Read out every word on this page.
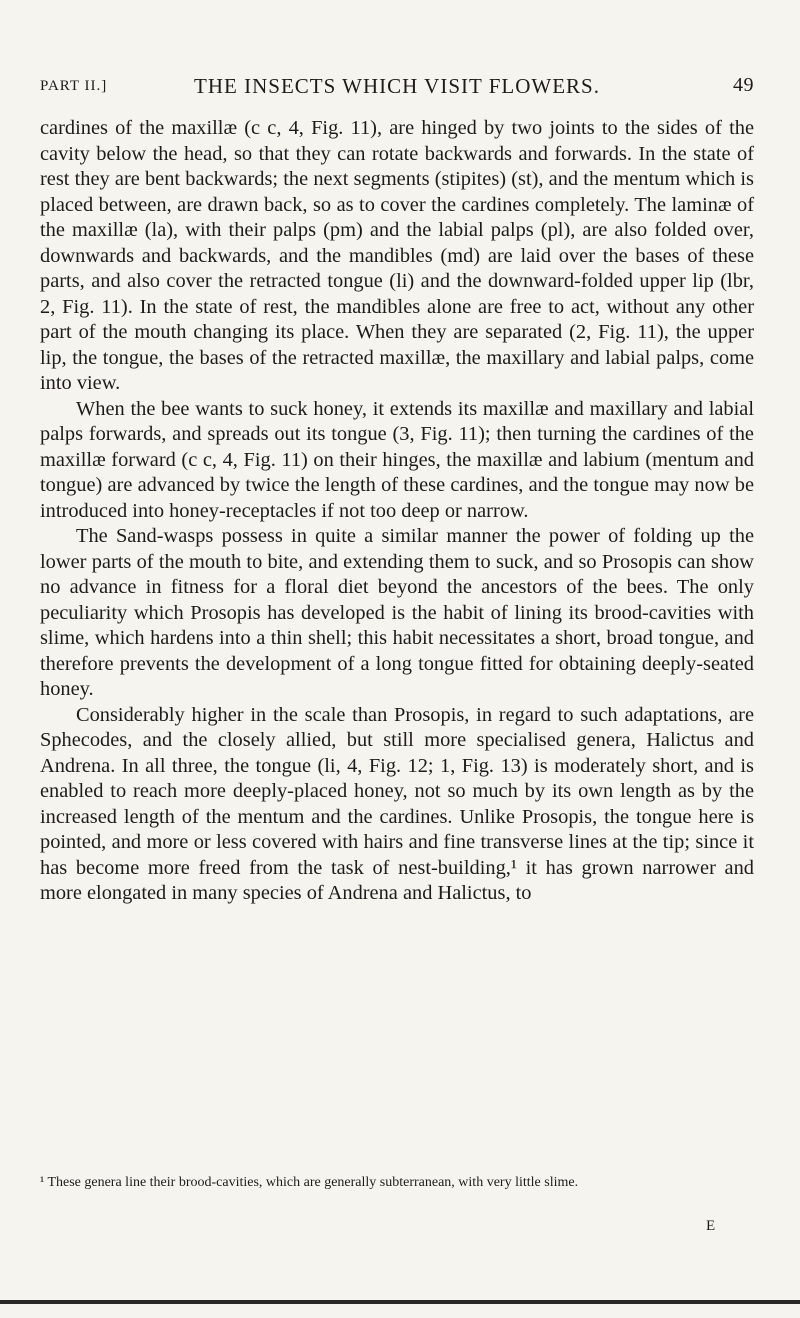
PART II.]	THE INSECTS WHICH VISIT FLOWERS.	49

cardines of the maxillæ (c c, 4, Fig. 11), are hinged by two joints to the sides of the cavity below the head, so that they can rotate backwards and forwards. In the state of rest they are bent backwards; the next segments (stipites) (st), and the mentum which is placed between, are drawn back, so as to cover the cardines completely. The laminæ of the maxillæ (la), with their palps (pm) and the labial palps (pl), are also folded over, downwards and backwards, and the mandibles (md) are laid over the bases of these parts, and also cover the retracted tongue (li) and the downward-folded upper lip (lbr, 2, Fig. 11). In the state of rest, the mandibles alone are free to act, without any other part of the mouth changing its place. When they are separated (2, Fig. 11), the upper lip, the tongue, the bases of the retracted maxillæ, the maxillary and labial palps, come into view.

When the bee wants to suck honey, it extends its maxillæ and maxillary and labial palps forwards, and spreads out its tongue (3, Fig. 11); then turning the cardines of the maxillæ forward (c c, 4, Fig. 11) on their hinges, the maxillæ and labium (mentum and tongue) are advanced by twice the length of these cardines, and the tongue may now be introduced into honey-receptacles if not too deep or narrow.

The Sand-wasps possess in quite a similar manner the power of folding up the lower parts of the mouth to bite, and extending them to suck, and so Prosopis can show no advance in fitness for a floral diet beyond the ancestors of the bees. The only peculiarity which Prosopis has developed is the habit of lining its brood-cavities with slime, which hardens into a thin shell; this habit necessitates a short, broad tongue, and therefore prevents the development of a long tongue fitted for obtaining deeply-seated honey.

Considerably higher in the scale than Prosopis, in regard to such adaptations, are Sphecodes, and the closely allied, but still more specialised genera, Halictus and Andrena. In all three, the tongue (li, 4, Fig. 12; 1, Fig. 13) is moderately short, and is enabled to reach more deeply-placed honey, not so much by its own length as by the increased length of the mentum and the cardines. Unlike Prosopis, the tongue here is pointed, and more or less covered with hairs and fine transverse lines at the tip; since it has become more freed from the task of nest-building,¹ it has grown narrower and more elongated in many species of Andrena and Halictus, to

¹ These genera line their brood-cavities, which are generally subterranean, with very little slime.
E
